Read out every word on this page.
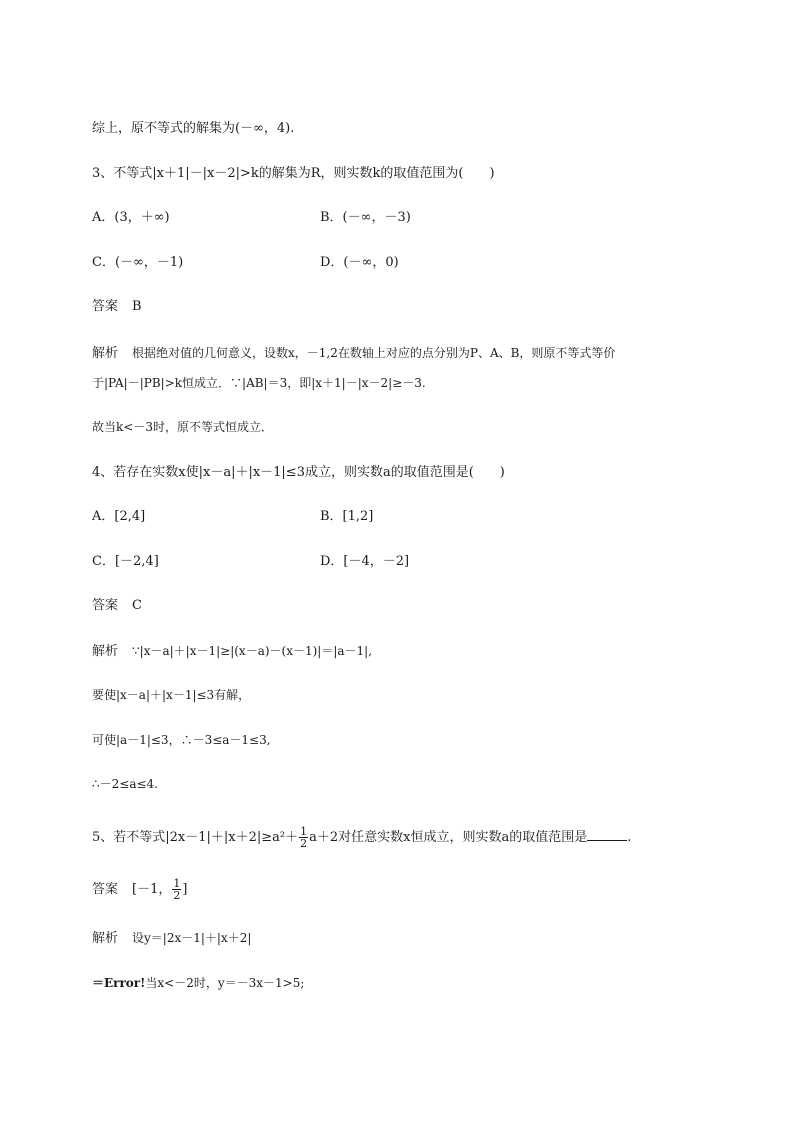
综上，原不等式的解集为(－∞，4).
3、不等式|x＋1|－|x－2|>k的解集为R，则实数k的取值范围为(　　)
A．(3，＋∞)	B．(－∞，－3)
C．(－∞，－1)	D．(－∞，0)
答案 B
解析 根据绝对值的几何意义，设数x，－1,2在数轴上对应的点分别为P、A、B，则原不等式等价
于|PA|－|PB|>k恒成立．∵|AB|＝3，即|x＋1|－|x－2|≥－3.
故当k<－3时，原不等式恒成立．
4、若存在实数x使|x－a|＋|x－1|≤3成立，则实数a的取值范围是(　　)
A．[2,4]	B．[1,2]
C．[－2,4]	D．[－4，－2]
答案 C
解析 ∵|x－a|＋|x－1|≥|(x－a)－(x－1)|＝|a－1|,
要使|x－a|＋|x－1|≤3有解，
可使|a－1|≤3，∴－3≤a－1≤3,
∴－2≤a≤4.
5、若不等式$|2x-1|+|x+2|\ge a^2+ \frac{1}{2} a+2$对任意实数x恒成立，则实数a的取值范围是	.
答案 [－1， $\frac{1}{2}$ ]
解析 设y＝|2x－1|＋|x＋2|
＝Error!当x<－2时，y＝－3x－1>5;
